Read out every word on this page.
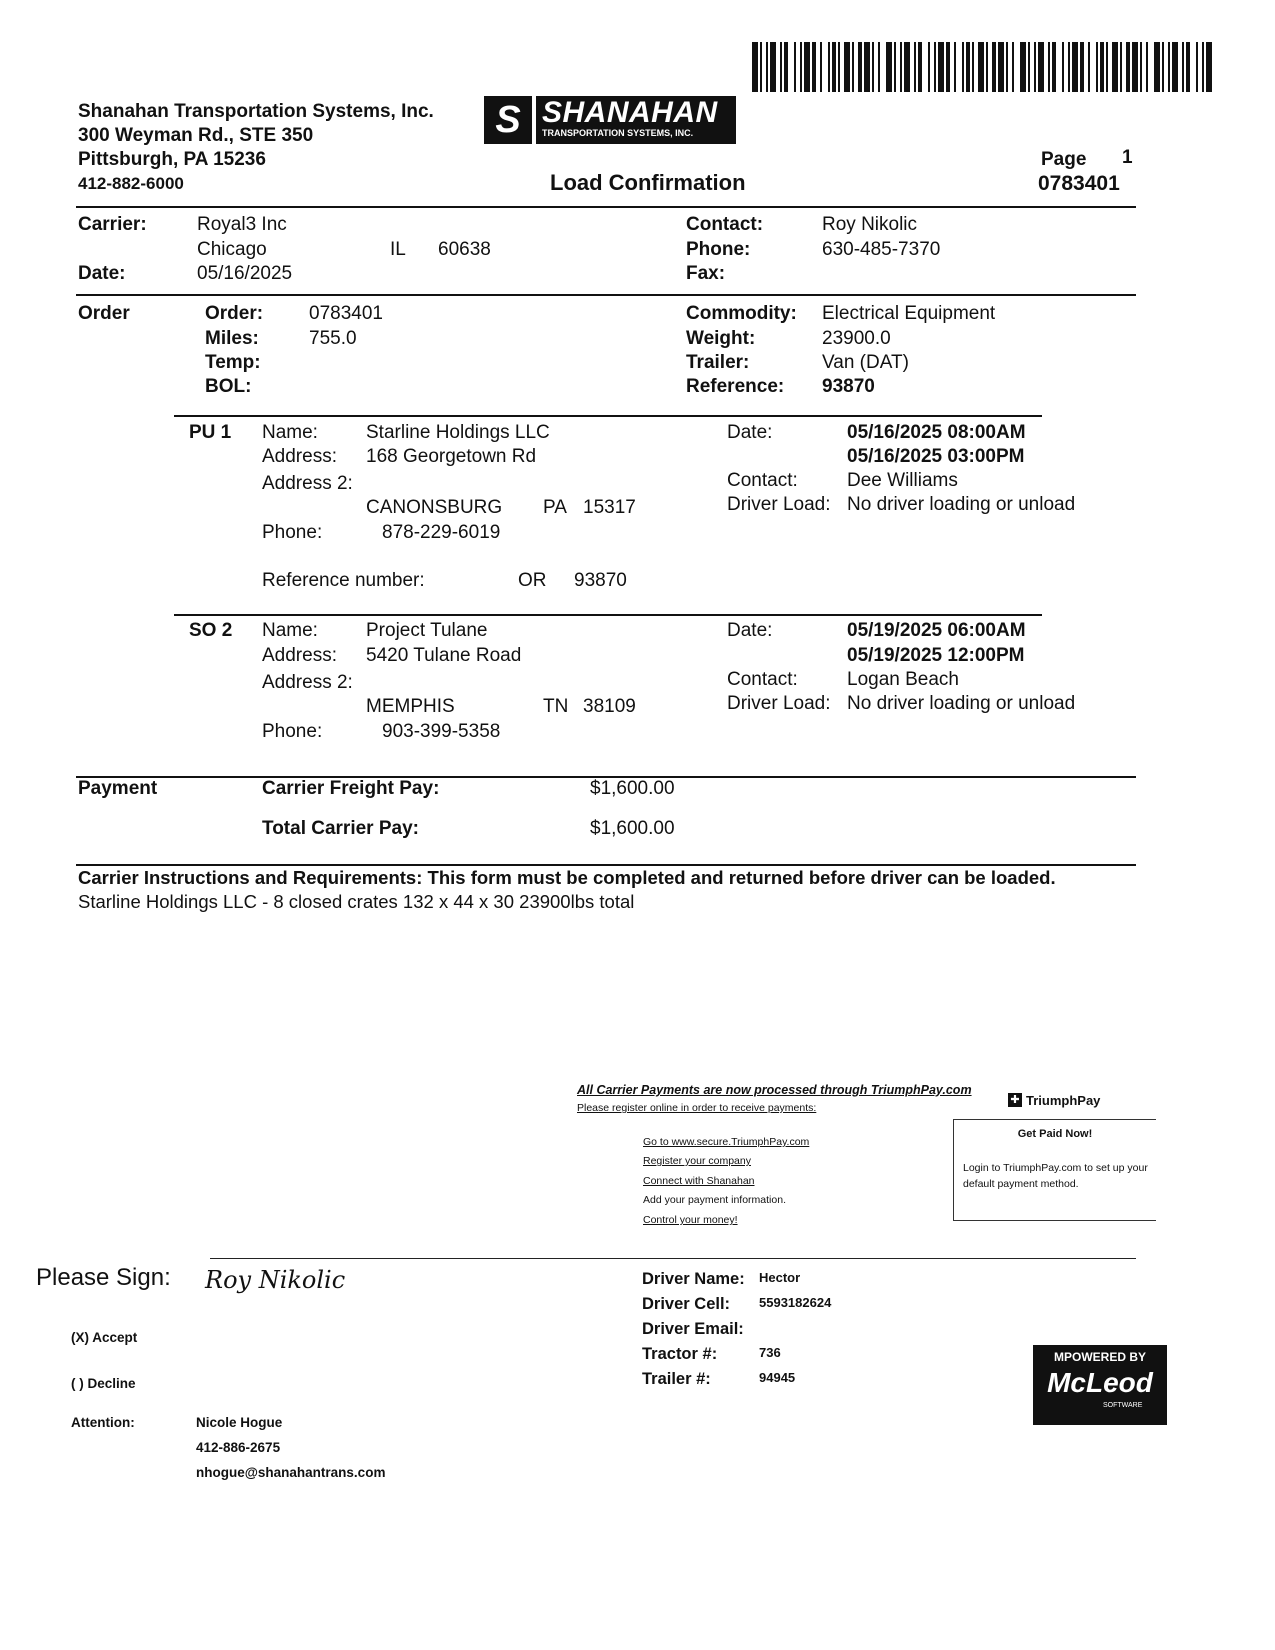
Shanahan Transportation Systems, Inc.
300 Weyman Rd., STE 350
Pittsburgh, PA 15236
412-882-6000
S SHANAHAN
TRANSPORTATION SYSTEMS, INC.
Load Confirmation
Page 1
0783401
Carrier:	Royal3 Inc
Chicago	IL 60638
Date:	05/16/2025
Contact:	Roy Nikolic
Phone:	630-485-7370
Fax:
Order	Order: 0783401
Miles:	755.0
Temp:
BOL:
Commodity: Electrical Equipment
Weight:	23900.0
Trailer:	Van (DAT)
Reference: 93870
PU 1 Name:	Starline Holdings LLC
Address: 168 Georgetown Rd
Address 2:
CANONSBURG PA 15317
Phone:	878-229-6019
Reference number:	OR 93870
Date:	05/16/2025 08:00AM
05/16/2025 03:00PM
Contact:	Dee Williams
Driver Load: No driver loading or unload
SO 2 Name:	Project Tulane
Address: 5420 Tulane Road
Address 2:
MEMPHIS	TN 38109
Phone:	903-399-5358
Date:	05/19/2025 06:00AM
05/19/2025 12:00PM
Contact:	Logan Beach
Driver Load: No driver loading or unload
Payment	Carrier Freight Pay:	$1,600.00
Total Carrier Pay:	$1,600.00
Carrier Instructions and Requirements: This form must be completed and returned before driver can be loaded.
Starline Holdings LLC - 8 closed crates 132 x 44 x 30 23900lbs total
All Carrier Payments are now processed through TriumphPay.com
Please register online in order to receive payments:
Go to www.secure.TriumphPay.com
Register your company
Connect with Shanahan
Add your payment information.
Control your money!
✚ TriumphPay
Get Paid Now!
Login to TriumphPay.com to set up your default payment method.
Please Sign: Roy Nikolic
(X) Accept
( ) Decline
Attention:	Nicole Hogue
412-886-2675
nhogue@shanahantrans.com
Driver Name: Hector
Driver Cell: 5593182624
Driver Email:
Tractor #:	736
Trailer #:	94945
MPOWERED BY
McLeod
SOFTWARE
